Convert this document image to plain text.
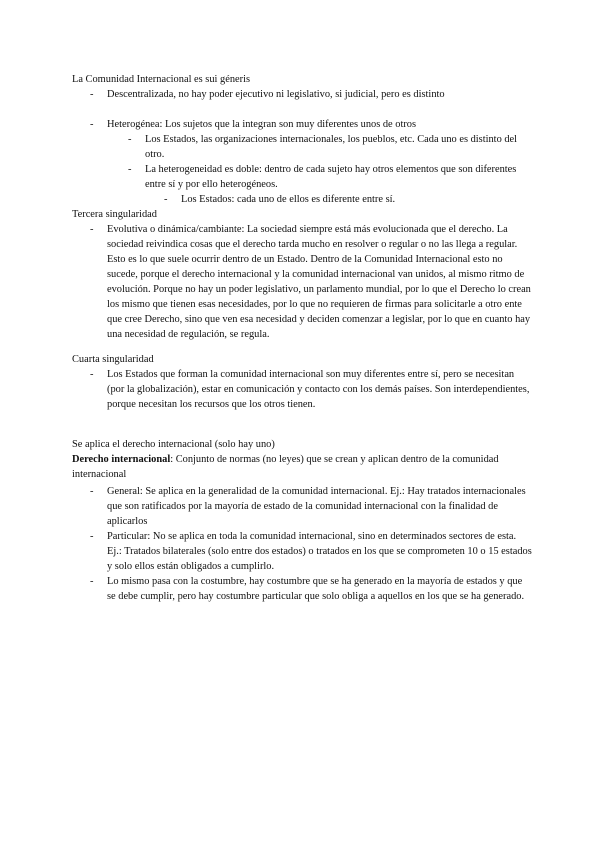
La Comunidad Internacional es sui géneris

- Descentralizada, no hay poder ejecutivo ni legislativo, si judicial, pero es distinto
- Heterogénea: Los sujetos que la integran son muy diferentes unos de otros
- Los Estados, las organizaciones internacionales, los pueblos, etc. Cada uno es distinto del otro.
- La heterogeneidad es doble: dentro de cada sujeto hay otros elementos que son diferentes entre sí y por ello heterogéneos.
- Los Estados: cada uno de ellos es diferente entre sí.

Tercera singularidad

- Evolutiva o dinámica/cambiante: La sociedad siempre está más evolucionada que el derecho. La sociedad reivindica cosas que el derecho tarda mucho en resolver o regular o no las llega a regular. Esto es lo que suele ocurrir dentro de un Estado. Dentro de la Comunidad Internacional esto no sucede, porque el derecho internacional y la comunidad internacional van unidos, al mismo ritmo de evolución. Porque no hay un poder legislativo, un parlamento mundial, por lo que el Derecho lo crean los mismo que tienen esas necesidades, por lo que no requieren de firmas para solicitarle a otro ente que cree Derecho, sino que ven esa necesidad y deciden comenzar a legislar, por lo que en cuanto hay una necesidad de regulación, se regula.

Cuarta singularidad

- Los Estados que forman la comunidad internacional son muy diferentes entre sí, pero se necesitan (por la globalización), estar en comunicación y contacto con los demás países. Son interdependientes, porque necesitan los recursos que los otros tienen.

Se aplica el derecho internacional (solo hay uno)

Derecho internacional: Conjunto de normas (no leyes) que se crean y aplican dentro de la comunidad internacional

- General: Se aplica en la generalidad de la comunidad internacional. Ej.: Hay tratados internacionales que son ratificados por la mayoría de estado de la comunidad internacional con la finalidad de aplicarlos
- Particular: No se aplica en toda la comunidad internacional, sino en determinados sectores de esta. Ej.: Tratados bilaterales (solo entre dos estados) o tratados en los que se comprometen 10 o 15 estados y solo ellos están obligados a cumplirlo.
- Lo mismo pasa con la costumbre, hay costumbre que se ha generado en la mayoría de estados y que se debe cumplir, pero hay costumbre particular que solo obliga a aquellos en los que se ha generado.
